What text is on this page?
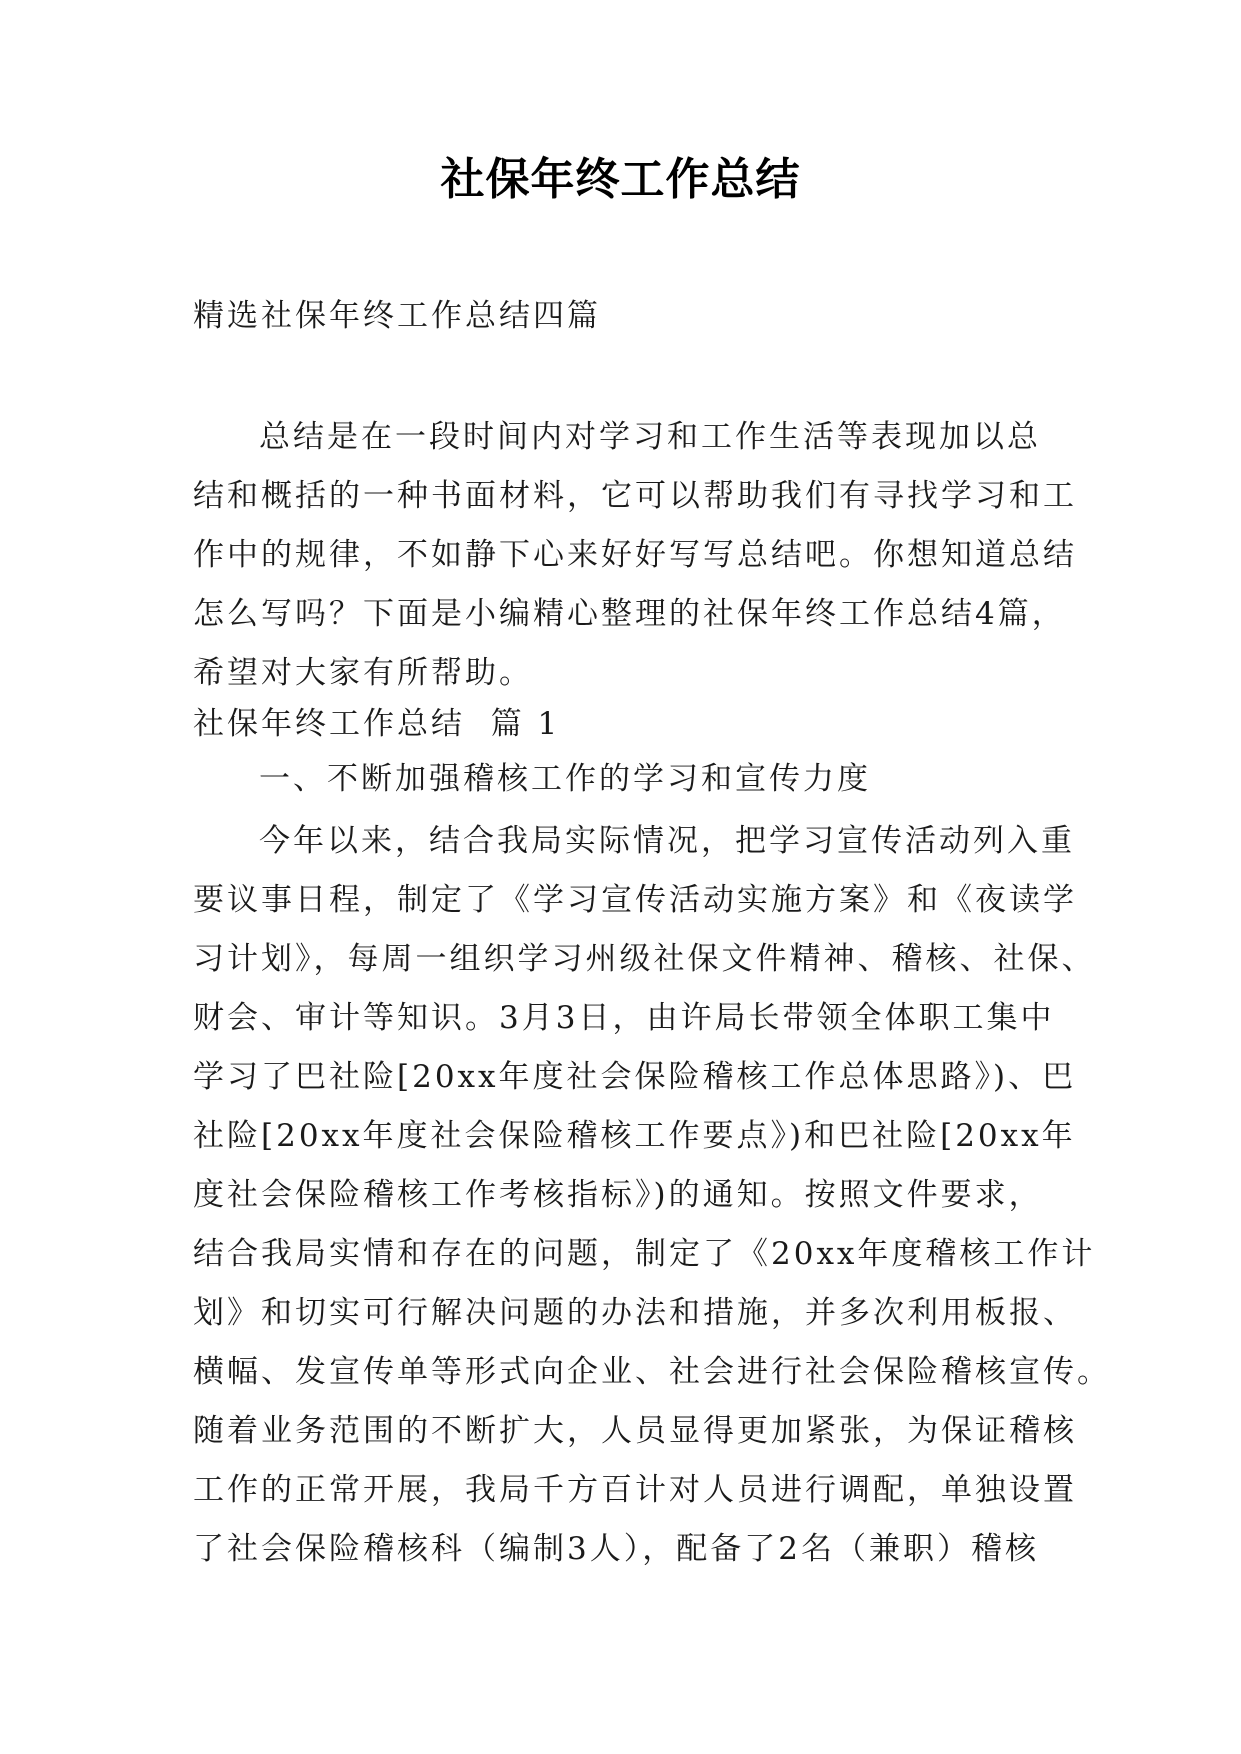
社保年终工作总结
精选社保年终工作总结四篇
总结是在一段时间内对学习和工作生活等表现加以总
结和概括的一种书面材料，它可以帮助我们有寻找学习和工
作中的规律，不如静下心来好好写写总结吧。你想知道总结
怎么写吗？下面是小编精心整理的社保年终工作总结4篇，
希望对大家有所帮助。
社保年终工作总结  篇 1
一、不断加强稽核工作的学习和宣传力度
今年以来，结合我局实际情况，把学习宣传活动列入重
要议事日程，制定了《学习宣传活动实施方案》和《夜读学
习计划》，每周一组织学习州级社保文件精神、稽核、社保、
财会、审计等知识。3月3日，由许局长带领全体职工集中
学习了巴社险[20xx年度社会保险稽核工作总体思路》)、巴
社险[20xx年度社会保险稽核工作要点》)和巴社险[20xx年
度社会保险稽核工作考核指标》)的通知。按照文件要求，
结合我局实情和存在的问题，制定了《20xx年度稽核工作计
划》和切实可行解决问题的办法和措施，并多次利用板报、
横幅、发宣传单等形式向企业、社会进行社会保险稽核宣传。
随着业务范围的不断扩大，人员显得更加紧张，为保证稽核
工作的正常开展，我局千方百计对人员进行调配，单独设置
了社会保险稽核科（编制3人），配备了2名（兼职）稽核
